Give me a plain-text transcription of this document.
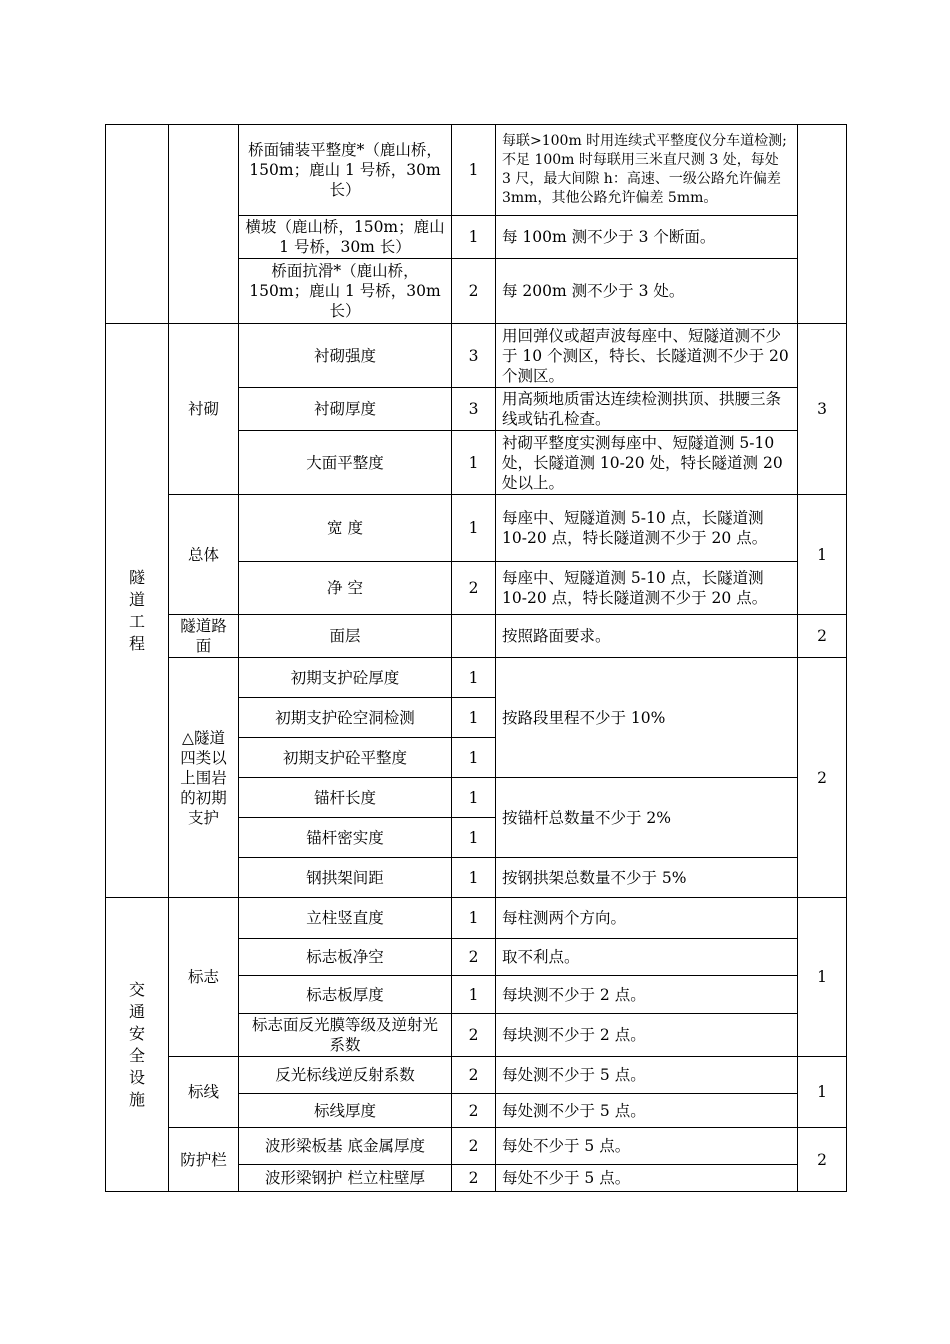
		桥面铺装平整度*（鹿山桥，150m；鹿山 1 号桥，30m 长）	1	每联>100m 时用连续式平整度仪分车道检测;不足 100m 时每联用三米直尺测 3 处，每处 3 尺，最大间隙 h：高速、一级公路允许偏差 3mm，其他公路允许偏差 5mm。	
		横坡（鹿山桥，150m；鹿山 1 号桥，30m 长）	1	每 100m 测不少于 3 个断面。	
		桥面抗滑*（鹿山桥，150m；鹿山 1 号桥，30m 长）	2	每 200m 测不少于 3 处。	
隧道工程	衬砌	衬砌强度	3	用回弹仪或超声波每座中、短隧道测不少于 10 个测区，特长、长隧道测不少于 20 个测区。	3
		衬砌厚度	3	用高频地质雷达连续检测拱顶、拱腰三条线或钻孔检查。	
		大面平整度	1	衬砌平整度实测每座中、短隧道测 5-10 处，长隧道测 10-20 处，特长隧道测 20 处以上。	
	总体	宽 度	1	每座中、短隧道测 5-10 点，长隧道测 10-20 点，特长隧道测不少于 20 点。	1
		净 空	2	每座中、短隧道测 5-10 点，长隧道测 10-20 点，特长隧道测不少于 20 点。	
	隧道路面	面层		按照路面要求。	2
	△隧道四类以上围岩的初期支护	初期支护砼厚度	1	按路段里程不少于 10%	2
		初期支护砼空洞检测	1		
		初期支护砼平整度	1		
		锚杆长度	1	按锚杆总数量不少于 2%	
		锚杆密实度	1		
		钢拱架间距	1	按钢拱架总数量不少于 5%	
交通安全设施	标志	立柱竖直度	1	每柱测两个方向。	1
		标志板净空	2	取不利点。	
		标志板厚度	1	每块测不少于 2 点。	
		标志面反光膜等级及逆射光系数	2	每块测不少于 2 点。	
	标线	反光标线逆反射系数	2	每处测不少于 5 点。	1
		标线厚度	2	每处测不少于 5 点。	
	防护栏	波形梁板基 底金属厚度	2	每处不少于 5 点。	2
		波形梁钢护 栏立柱壁厚	2	每处不少于 5 点。	
